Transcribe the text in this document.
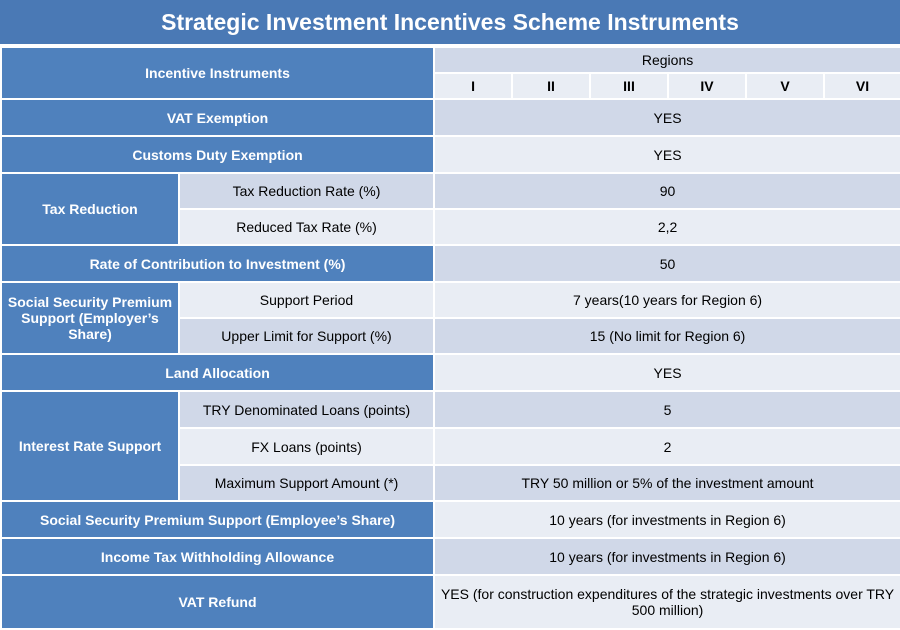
Strategic Investment Incentives Scheme Instruments
Incentive Instruments		Regions					
		I	II	III	IV	V	VI
VAT Exemption		YES					
Customs Duty Exemption		YES					
Tax Reduction	Tax Reduction Rate (%)	90					
	Reduced Tax Rate (%)	2,2					
Rate of Contribution to Investment (%)		50					
Social Security Premium Support (Employer’s Share)	Support Period	7 years(10 years for Region 6)					
	Upper Limit for Support (%)	15 (No limit for Region 6)					
Land Allocation		YES					
Interest Rate Support	TRY Denominated Loans (points)	5					
	FX Loans (points)	2					
	Maximum Support Amount (*)	TRY 50 million or 5% of the investment amount					
Social Security Premium Support (Employee’s Share)		10 years (for investments in Region 6)					
Income Tax Withholding Allowance		10 years (for investments in Region 6)					
VAT Refund		YES (for construction expenditures of the strategic investments over TRY 500 million)					
